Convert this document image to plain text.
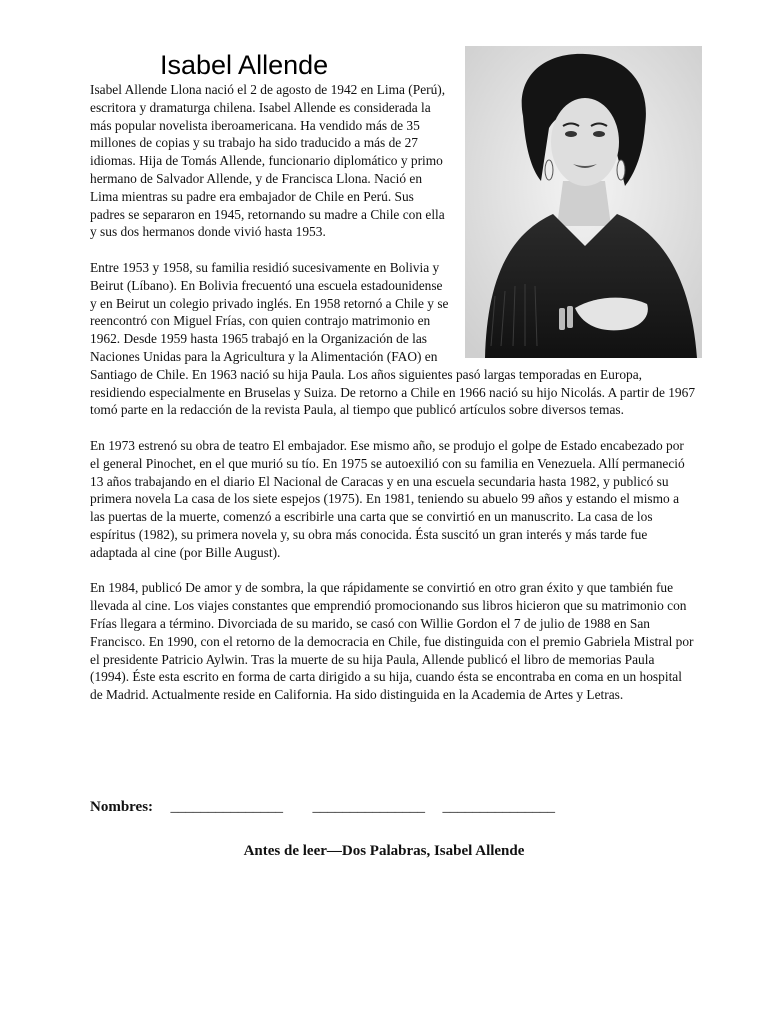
Isabel Allende

Isabel Allende Llona nació el 2 de agosto de 1942 en Lima (Perú), escritora y dramaturga chilena. Isabel Allende es considerada la más popular novelista iberoamericana. Ha vendido más de 35 millones de copias y su trabajo ha sido traducido a más de 27 idiomas. Hija de Tomás Allende, funcionario diplomático y primo hermano de Salvador Allende, y de Francisca Llona. Nació en Lima mientras su padre era embajador de Chile en Perú. Sus padres se separaron en 1945, retornando su madre a Chile con ella y sus dos hermanos donde vivió hasta 1953.

Entre 1953 y 1958, su familia residió sucesivamente en Bolivia y Beirut (Líbano). En Bolivia frecuentó una escuela estadounidense y en Beirut un colegio privado inglés. En 1958 retornó a Chile y se reencontró con Miguel Frías, con quien contrajo matrimonio en 1962. Desde 1959 hasta 1965 trabajó en la Organización de las Naciones Unidas para la Agricultura y la Alimentación (FAO) en Santiago de Chile. En 1963 nació su hija Paula. Los años siguientes pasó largas temporadas en Europa, residiendo especialmente en Bruselas y Suiza. De retorno a Chile en 1966 nació su hijo Nicolás. A partir de 1967 tomó parte en la redacción de la revista Paula, al tiempo que publicó artículos sobre diversos temas.

En 1973 estrenó su obra de teatro El embajador. Ese mismo año, se produjo el golpe de Estado encabezado por el general Pinochet, en el que murió su tío. En 1975 se autoexilió con su familia en Venezuela. Allí permaneció 13 años trabajando en el diario El Nacional de Caracas y en una escuela secundaria hasta 1982, y publicó su primera novela La casa de los siete espejos (1975). En 1981, teniendo su abuelo 99 años y estando el mismo a las puertas de la muerte, comenzó a escribirle una carta que se convirtió en un manuscrito. La casa de los espíritus (1982), su primera novela y, su obra más conocida. Ésta suscitó un gran interés y más tarde fue adaptada al cine (por Bille August).

En 1984, publicó De amor y de sombra, la que rápidamente se convirtió en otro gran éxito y que también fue llevada al cine. Los viajes constantes que emprendió promocionando sus libros hicieron que su matrimonio con Frías llegara a término. Divorciada de su marido, se casó con Willie Gordon el 7 de julio de 1988 en San Francisco. En 1990, con el retorno de la democracia en Chile, fue distinguida con el premio Gabriela Mistral por el presidente Patricio Aylwin. Tras la muerte de su hija Paula, Allende publicó el libro de memorias Paula (1994). Éste esta escrito en forma de carta dirigido a su hija, cuando ésta se encontraba en coma en un hospital de Madrid. Actualmente reside en California. Ha sido distinguida en la Academia de Artes y Letras.

Nombres: _______________ _______________ _______________

Antes de leer—Dos Palabras, Isabel Allende
